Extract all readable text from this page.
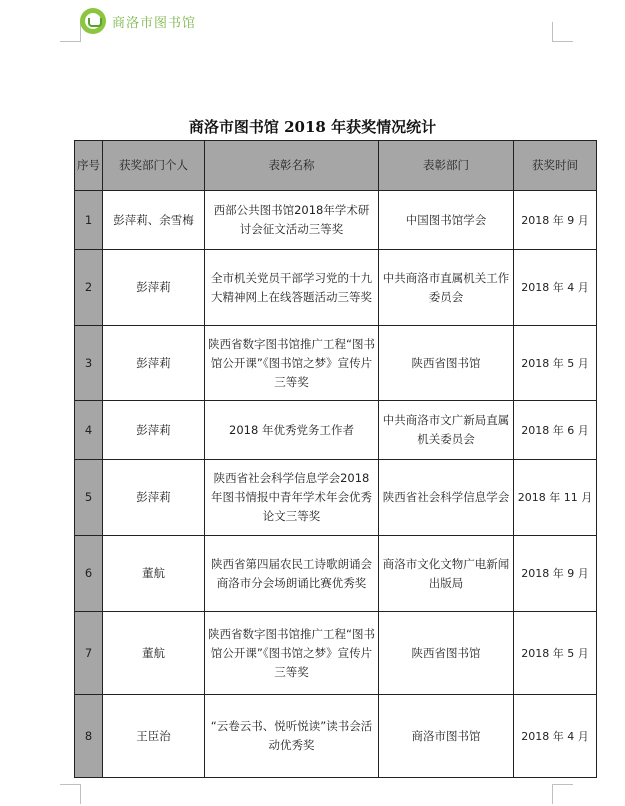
商洛市图书馆
商洛市图书馆 2018 年获奖情况统计
序号	获奖部门个人	表彰名称	表彰部门	获奖时间
1	彭萍莉、余雪梅	西部公共图书馆2018年学术研讨会征文活动三等奖	中国图书馆学会	2018 年 9 月
2	彭萍莉	全市机关党员干部学习党的十九大精神网上在线答题活动三等奖	中共商洛市直属机关工作委员会	2018 年 4 月
3	彭萍莉	陕西省数字图书馆推广工程“图书馆公开课”《图书馆之梦》宣传片三等奖	陕西省图书馆	2018 年 5 月
4	彭萍莉	2018 年优秀党务工作者	中共商洛市文广新局直属机关委员会	2018 年 6 月
5	彭萍莉	陕西省社会科学信息学会2018年图书情报中青年学术年会优秀论文三等奖	陕西省社会科学信息学会	2018 年 11 月
6	董航	陕西省第四届农民工诗歌朗诵会商洛市分会场朗诵比赛优秀奖	商洛市文化文物广电新闻出版局	2018 年 9 月
7	董航	陕西省数字图书馆推广工程“图书馆公开课”《图书馆之梦》宣传片三等奖	陕西省图书馆	2018 年 5 月
8	王臣治	“云卷云书、悦听悦读”读书会活动优秀奖	商洛市图书馆	2018 年 4 月
